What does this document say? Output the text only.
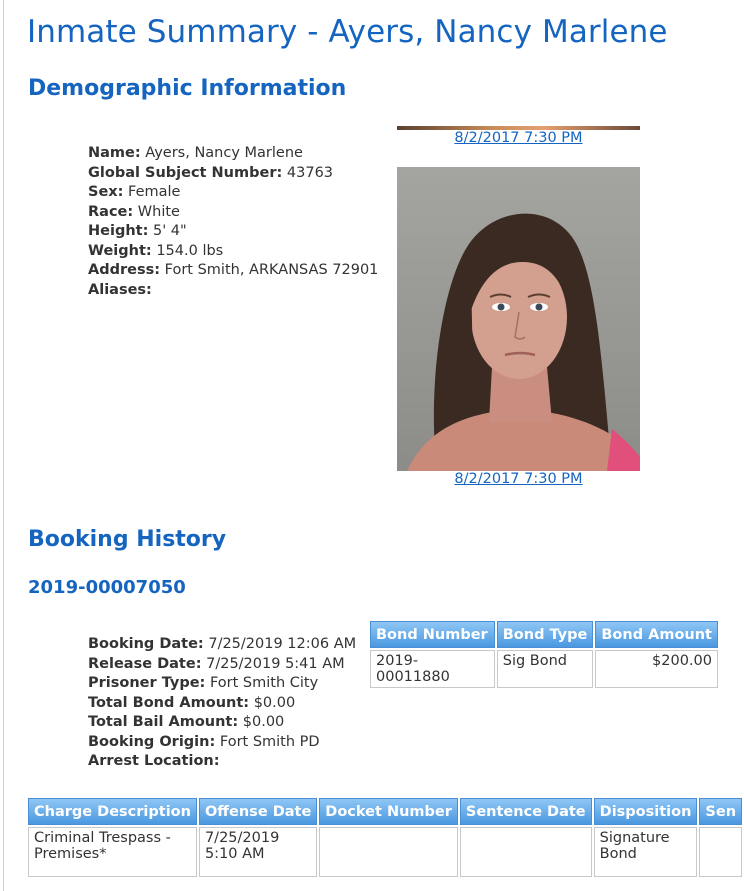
Inmate Summary - Ayers, Nancy Marlene
Demographic Information
Name: Ayers, Nancy Marlene
Global Subject Number: 43763
Sex: Female
Race: White
Height: 5' 4"
Weight: 154.0 lbs
Address: Fort Smith, ARKANSAS 72901
Aliases:
8/2/2017 7:30 PM
8/2/2017 7:30 PM
Booking History
2019-00007050
Booking Date: 7/25/2019 12:06 AM
Release Date: 7/25/2019 5:41 AM
Prisoner Type: Fort Smith City
Total Bond Amount: $0.00
Total Bail Amount: $0.00
Booking Origin: Fort Smith PD
Arrest Location:
Bond Number	Bond Type	Bond Amount
2019-00011880	Sig Bond	$200.00
Charge Description	Offense Date	Docket Number	Sentence Date	Disposition	Sen
Criminal Trespass - Premises*	7/25/2019 5:10 AM			Signature Bond	
